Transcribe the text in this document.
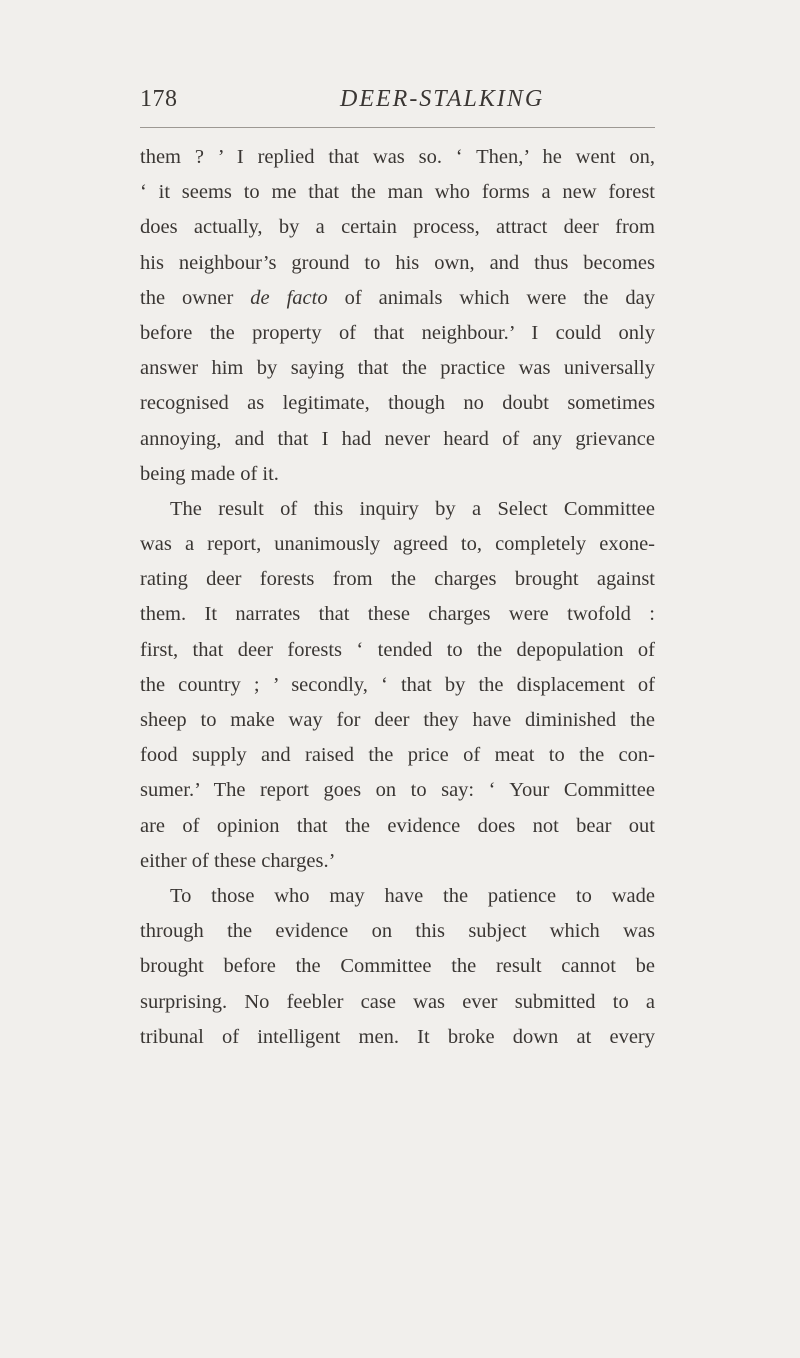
178	DEER-STALKING
them ? ’ I replied that was so. ‘ Then,’ he went on,
‘ it seems to me that the man who forms a new forest
does actually, by a certain process, attract deer from
his neighbour’s ground to his own, and thus becomes
the owner de facto of animals which were the day
before the property of that neighbour.’ I could only
answer him by saying that the practice was universally
recognised as legitimate, though no doubt sometimes
annoying, and that I had never heard of any grievance
being made of it.
The result of this inquiry by a Select Committee
was a report, unanimously agreed to, completely exone-
rating deer forests from the charges brought against
them. It narrates that these charges were twofold :
first, that deer forests ‘ tended to the depopulation of
the country ; ’ secondly, ‘ that by the displacement of
sheep to make way for deer they have diminished the
food supply and raised the price of meat to the con-
sumer.’ The report goes on to say: ‘ Your Committee
are of opinion that the evidence does not bear out
either of these charges.’
To those who may have the patience to wade
through the evidence on this subject which was
brought before the Committee the result cannot be
surprising. No feebler case was ever submitted to a
tribunal of intelligent men. It broke down at every
